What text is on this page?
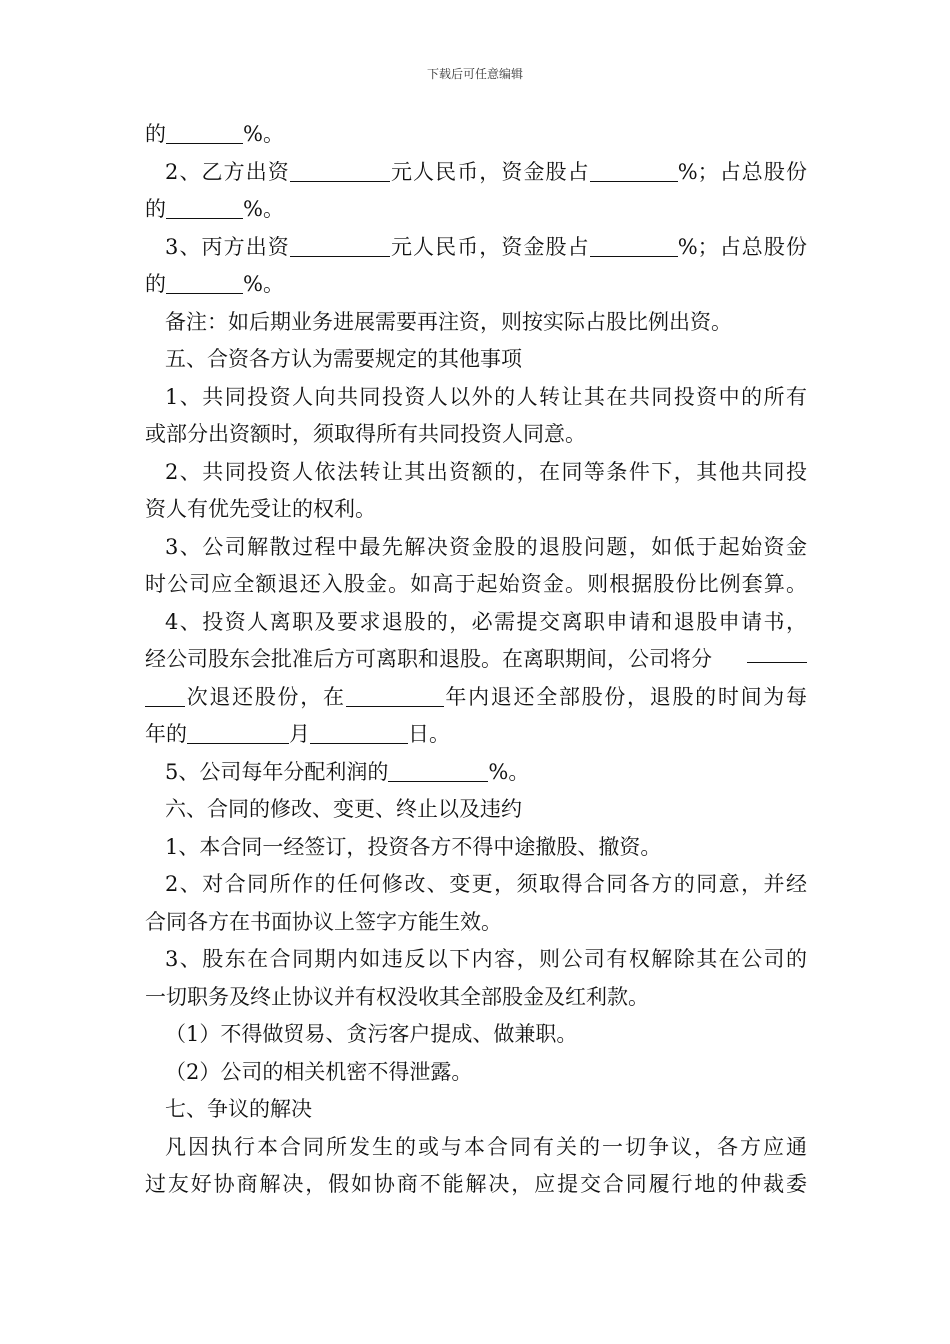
下载后可任意编辑
的	%。
2、乙方出资	元人民币，资金股占	%；占总股份
的	%。
3、丙方出资	元人民币，资金股占	%；占总股份
的	%。
备注：如后期业务进展需要再注资，则按实际占股比例出资。
五、合资各方认为需要规定的其他事项
1、共同投资人向共同投资人以外的人转让其在共同投资中的所有
或部分出资额时，须取得所有共同投资人同意。
2、共同投资人依法转让其出资额的，在同等条件下，其他共同投
资人有优先受让的权利。
3、公司解散过程中最先解决资金股的退股问题，如低于起始资金
时公司应全额退还入股金。如高于起始资金。则根据股份比例套算。
4、投资人离职及要求退股的，必需提交离职申请和退股申请书，
经公司股东会批准后方可离职和退股。在离职期间，公司将分
次退还股份，在	年内退还全部股份，退股的时间为每
年的	月	日。
5、公司每年分配利润的	%。
六、合同的修改、变更、终止以及违约
1、本合同一经签订，投资各方不得中途撤股、撤资。
2、对合同所作的任何修改、变更，须取得合同各方的同意，并经
合同各方在书面协议上签字方能生效。
3、股东在合同期内如违反以下内容，则公司有权解除其在公司的
一切职务及终止协议并有权没收其全部股金及红利款。
（1）不得做贸易、贪污客户提成、做兼职。
（2）公司的相关机密不得泄露。
七、争议的解决
凡因执行本合同所发生的或与本合同有关的一切争议，各方应通
过友好协商解决，假如协商不能解决，应提交合同履行地的仲裁委
